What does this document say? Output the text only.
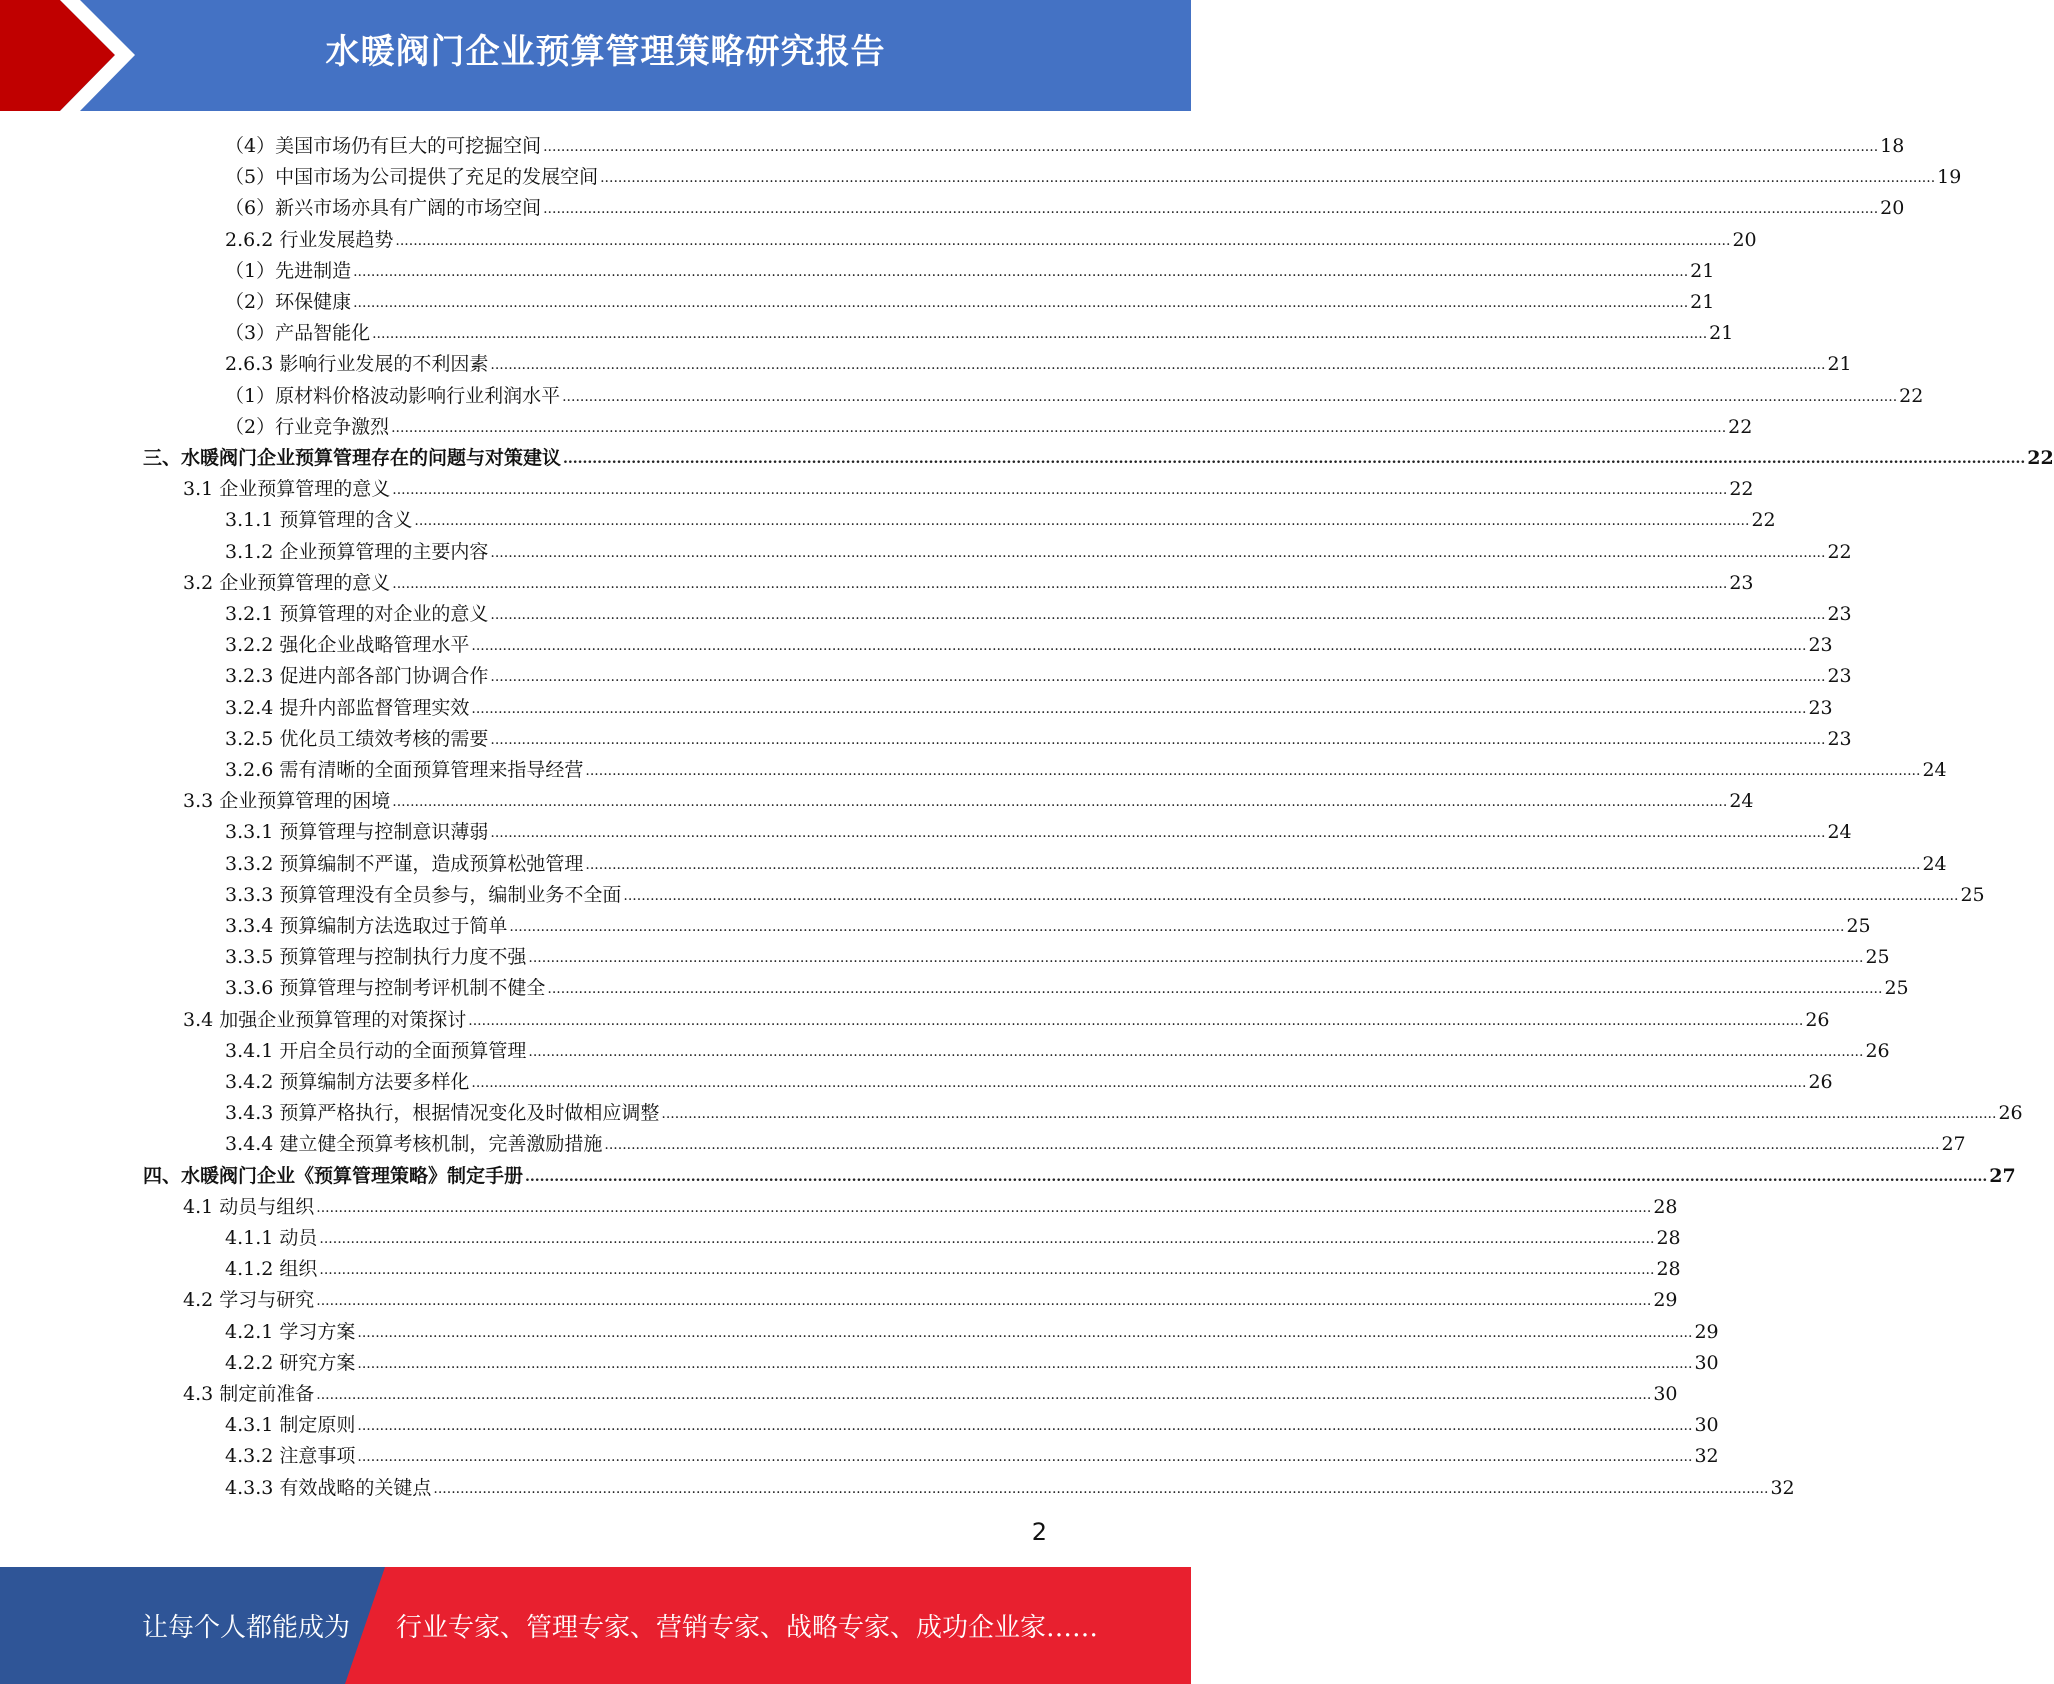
水暖阀门企业预算管理策略研究报告
（4）美国市场仍有巨大的可挖掘空间 ............................................................................................................................................................................................................................................................................................................ 18
（5）中国市场为公司提供了充足的发展空间 ............................................................................................................................................................................................................................................................................................................ 19
（6）新兴市场亦具有广阔的市场空间 ............................................................................................................................................................................................................................................................................................................ 20
2.6.2 行业发展趋势 ............................................................................................................................................................................................................................................................................................................ 20
（1）先进制造 ............................................................................................................................................................................................................................................................................................................ 21
（2）环保健康 ............................................................................................................................................................................................................................................................................................................ 21
（3）产品智能化 ............................................................................................................................................................................................................................................................................................................ 21
2.6.3 影响行业发展的不利因素 ............................................................................................................................................................................................................................................................................................................ 21
（1）原材料价格波动影响行业利润水平 ............................................................................................................................................................................................................................................................................................................ 22
（2）行业竞争激烈 ............................................................................................................................................................................................................................................................................................................ 22
三、水暖阀门企业预算管理存在的问题与对策建议 ............................................................................................................................................................................................................................................................................................................ 22
3.1 企业预算管理的意义 ............................................................................................................................................................................................................................................................................................................ 22
3.1.1 预算管理的含义 ............................................................................................................................................................................................................................................................................................................ 22
3.1.2 企业预算管理的主要内容 ............................................................................................................................................................................................................................................................................................................ 22
3.2 企业预算管理的意义 ............................................................................................................................................................................................................................................................................................................ 23
3.2.1 预算管理的对企业的意义 ............................................................................................................................................................................................................................................................................................................ 23
3.2.2 强化企业战略管理水平 ............................................................................................................................................................................................................................................................................................................ 23
3.2.3 促进内部各部门协调合作 ............................................................................................................................................................................................................................................................................................................ 23
3.2.4 提升内部监督管理实效 ............................................................................................................................................................................................................................................................................................................ 23
3.2.5 优化员工绩效考核的需要 ............................................................................................................................................................................................................................................................................................................ 23
3.2.6 需有清晰的全面预算管理来指导经营 ............................................................................................................................................................................................................................................................................................................ 24
3.3 企业预算管理的困境 ............................................................................................................................................................................................................................................................................................................ 24
3.3.1 预算管理与控制意识薄弱 ............................................................................................................................................................................................................................................................................................................ 24
3.3.2 预算编制不严谨，造成预算松弛管理 ............................................................................................................................................................................................................................................................................................................ 24
3.3.3 预算管理没有全员参与，编制业务不全面 ............................................................................................................................................................................................................................................................................................................ 25
3.3.4 预算编制方法选取过于简单 ............................................................................................................................................................................................................................................................................................................ 25
3.3.5 预算管理与控制执行力度不强 ............................................................................................................................................................................................................................................................................................................ 25
3.3.6 预算管理与控制考评机制不健全 ............................................................................................................................................................................................................................................................................................................ 25
3.4 加强企业预算管理的对策探讨 ............................................................................................................................................................................................................................................................................................................ 26
3.4.1 开启全员行动的全面预算管理 ............................................................................................................................................................................................................................................................................................................ 26
3.4.2 预算编制方法要多样化 ............................................................................................................................................................................................................................................................................................................ 26
3.4.3 预算严格执行，根据情况变化及时做相应调整 ............................................................................................................................................................................................................................................................................................................ 26
3.4.4 建立健全预算考核机制，完善激励措施 ............................................................................................................................................................................................................................................................................................................ 27
四、水暖阀门企业《预算管理策略》制定手册 ............................................................................................................................................................................................................................................................................................................ 27
4.1 动员与组织 ............................................................................................................................................................................................................................................................................................................ 28
4.1.1 动员 ............................................................................................................................................................................................................................................................................................................ 28
4.1.2 组织 ............................................................................................................................................................................................................................................................................................................ 28
4.2 学习与研究 ............................................................................................................................................................................................................................................................................................................ 29
4.2.1 学习方案 ............................................................................................................................................................................................................................................................................................................ 29
4.2.2 研究方案 ............................................................................................................................................................................................................................................................................................................ 30
4.3 制定前准备 ............................................................................................................................................................................................................................................................................................................ 30
4.3.1 制定原则 ............................................................................................................................................................................................................................................................................................................ 30
4.3.2 注意事项 ............................................................................................................................................................................................................................................................................................................ 32
4.3.3 有效战略的关键点 ............................................................................................................................................................................................................................................................................................................ 32
2
让每个人都能成为 行业专家、管理专家、营销专家、战略专家、成功企业家……
